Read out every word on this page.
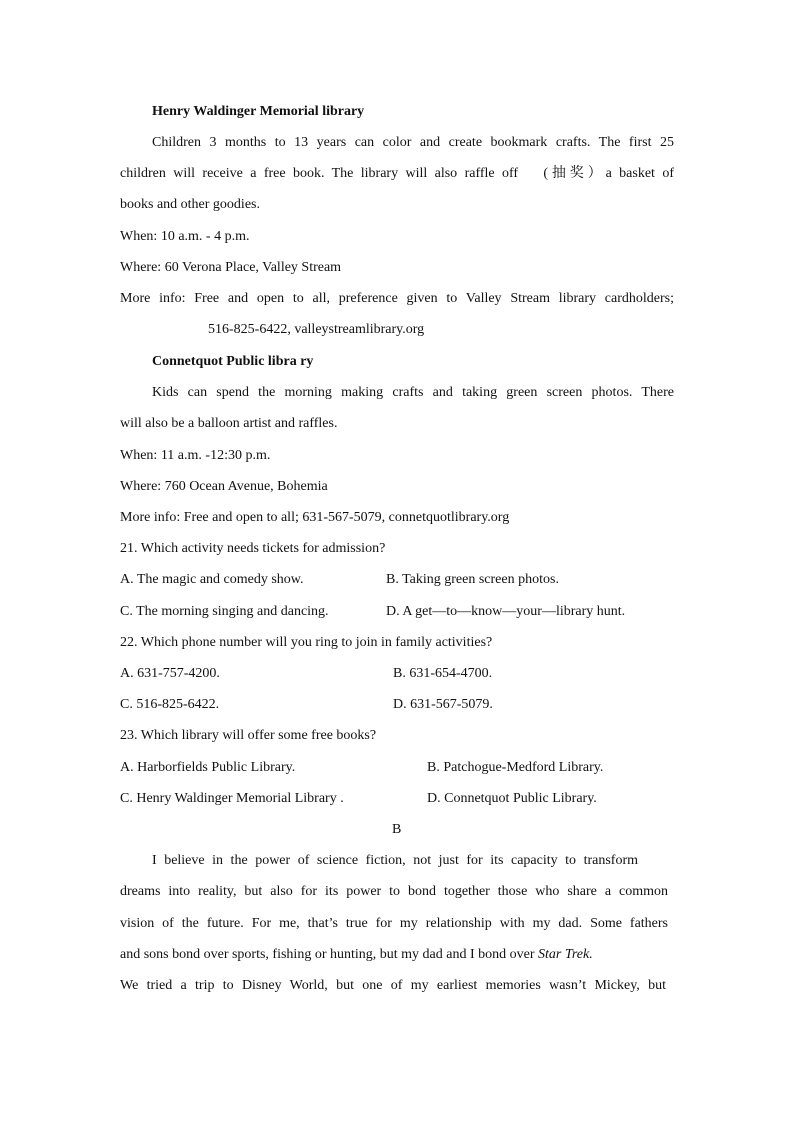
Henry Waldinger Memorial library
Children 3 months to 13 years can color and create bookmark crafts. The first 25
children will receive a free book. The library will also raffle off 　(抽奖）a basket of
books and other goodies.
When: 10 a.m. - 4 p.m.
Where: 60 Verona Place, Valley Stream
More info: Free and open to all, preference given to Valley Stream library cardholders;
516-825-6422, valleystreamlibrary.org
Connetquot Public libra ry
Kids can spend the morning making crafts and taking green screen photos. There
will also be a balloon artist and raffles.
When: 11 a.m. -12:30 p.m.
Where: 760 Ocean Avenue, Bohemia
More info: Free and open to all; 631-567-5079, connetquotlibrary.org
21. Which activity needs tickets for admission?
A. The magic and comedy show.	B. Taking green screen photos.
C. The morning singing and dancing.	D. A get—to—know—your—library hunt.
22. Which phone number will you ring to join in family activities?
A. 631-757-4200.	B. 631-654-4700.
C. 516-825-6422.	D. 631-567-5079.
23. Which library will offer some free books?
A. Harborfields Public Library.	B. Patchogue-Medford Library.
C. Henry Waldinger Memorial Library .	D. Connetquot Public Library.
B
I believe in the power of science fiction, not just for its capacity to transform
dreams into reality, but also for its power to bond together those who share a common
vision of the future. For me, that’s true for my relationship with my dad. Some fathers
and sons bond over sports, fishing or hunting, but my dad and I bond over Star Trek.
We tried a trip to Disney World, but one of my earliest memories wasn’t Mickey, but
